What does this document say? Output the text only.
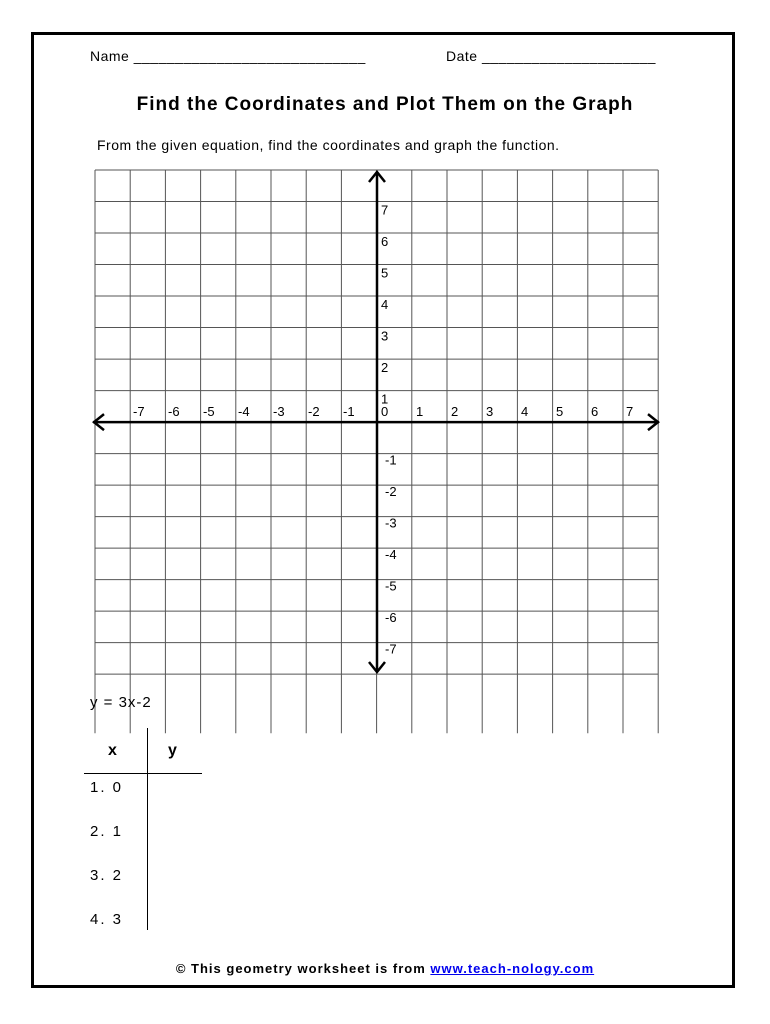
Name ____________________________	Date _____________________
Find the Coordinates and Plot Them on the Graph
From the given equation, find the coordinates and graph the function.
-7 -6 -5 -4 -3 -2 -1 0 1 2 3 4 5 6 7
7
6
5
4
3
2
1
-1
-2
-3
-4
-5
-6
-7
y = 3x-2
x	y
1. 0
2. 1
3. 2
4. 3
© This geometry worksheet is from www.teach-nology.com
